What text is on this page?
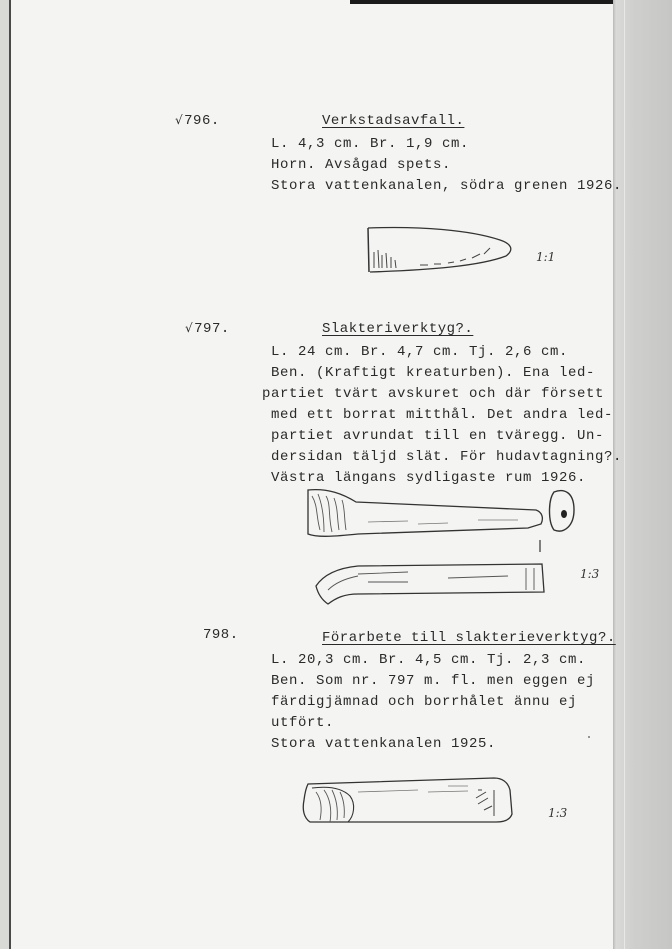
√796.	Verkstadsavfall.
L. 4,3 cm. Br. 1,9 cm.
Horn. Avsågad spets.
Stora vattenkanalen, södra grenen 1926.
1:1
√797.	Slakteriverktyg?.
L. 24 cm. Br. 4,7 cm. Tj. 2,6 cm.
Ben. (Kraftigt kreaturben). Ena led-
partiet tvärt avskuret och där försett
med ett borrat mitthål. Det andra led-
partiet avrundat till en tväregg. Un-
dersidan täljd slät. För hudavtagning?.
Västra längans sydligaste rum 1926.
1:3
798.	Förarbete till slakterieverktyg?.
L. 20,3 cm. Br. 4,5 cm. Tj. 2,3 cm.
Ben. Som nr. 797 m. fl. men eggen ej
färdigjämnad och borrhålet ännu ej
utfört.
Stora vattenkanalen 1925.
1:3
